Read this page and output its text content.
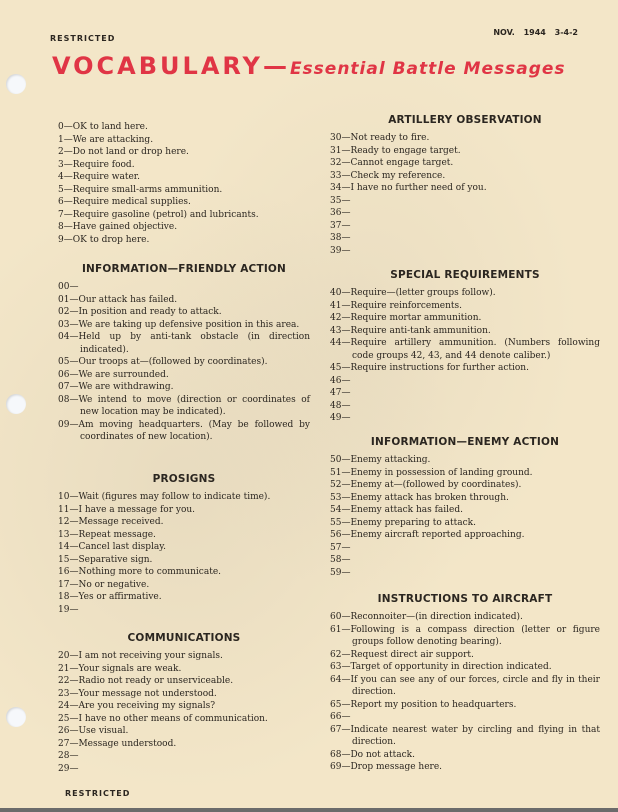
RESTRICTED
NOV. 1944 3-4-2
VOCABULARY—Essential Battle Messages
0—OK to land here.
1—We are attacking.
2—Do not land or drop here.
3—Require food.
4—Require water.
5—Require small-arms ammunition.
6—Require medical supplies.
7—Require gasoline (petrol) and lubricants.
8—Have gained objective.
9—OK to drop here.
INFORMATION—FRIENDLY ACTION
00—
01—Our attack has failed.
02—In position and ready to attack.
03—We are taking up defensive position in this area.
04—Held up by anti-tank obstacle (in direction indicated).
05—Our troops at—(followed by coordinates).
06—We are surrounded.
07—We are withdrawing.
08—We intend to move (direction or coordinates of new location may be indicated).
09—Am moving headquarters. (May be followed by coordinates of new location).
PROSIGNS
10—Wait (figures may follow to indicate time).
11—I have a message for you.
12—Message received.
13—Repeat message.
14—Cancel last display.
15—Separative sign.
16—Nothing more to communicate.
17—No or negative.
18—Yes or affirmative.
19—
COMMUNICATIONS
20—I am not receiving your signals.
21—Your signals are weak.
22—Radio not ready or unserviceable.
23—Your message not understood.
24—Are you receiving my signals?
25—I have no other means of communication.
26—Use visual.
27—Message understood.
28—
29—
ARTILLERY OBSERVATION
30—Not ready to fire.
31—Ready to engage target.
32—Cannot engage target.
33—Check my reference.
34—I have no further need of you.
35—
36—
37—
38—
39—
SPECIAL REQUIREMENTS
40—Require—(letter groups follow).
41—Require reinforcements.
42—Require mortar ammunition.
43—Require anti-tank ammunition.
44—Require artillery ammunition. (Numbers following code groups 42, 43, and 44 denote caliber.)
45—Require instructions for further action.
46—
47—
48—
49—
INFORMATION—ENEMY ACTION
50—Enemy attacking.
51—Enemy in possession of landing ground.
52—Enemy at—(followed by coordinates).
53—Enemy attack has broken through.
54—Enemy attack has failed.
55—Enemy preparing to attack.
56—Enemy aircraft reported approaching.
57—
58—
59—
INSTRUCTIONS TO AIRCRAFT
60—Reconnoiter—(in direction indicated).
61—Following is a compass direction (letter or figure groups follow denoting bearing).
62—Request direct air support.
63—Target of opportunity in direction indicated.
64—If you can see any of our forces, circle and fly in their direction.
65—Report my position to headquarters.
66—
67—Indicate nearest water by circling and flying in that direction.
68—Do not attack.
69—Drop message here.
RESTRICTED
